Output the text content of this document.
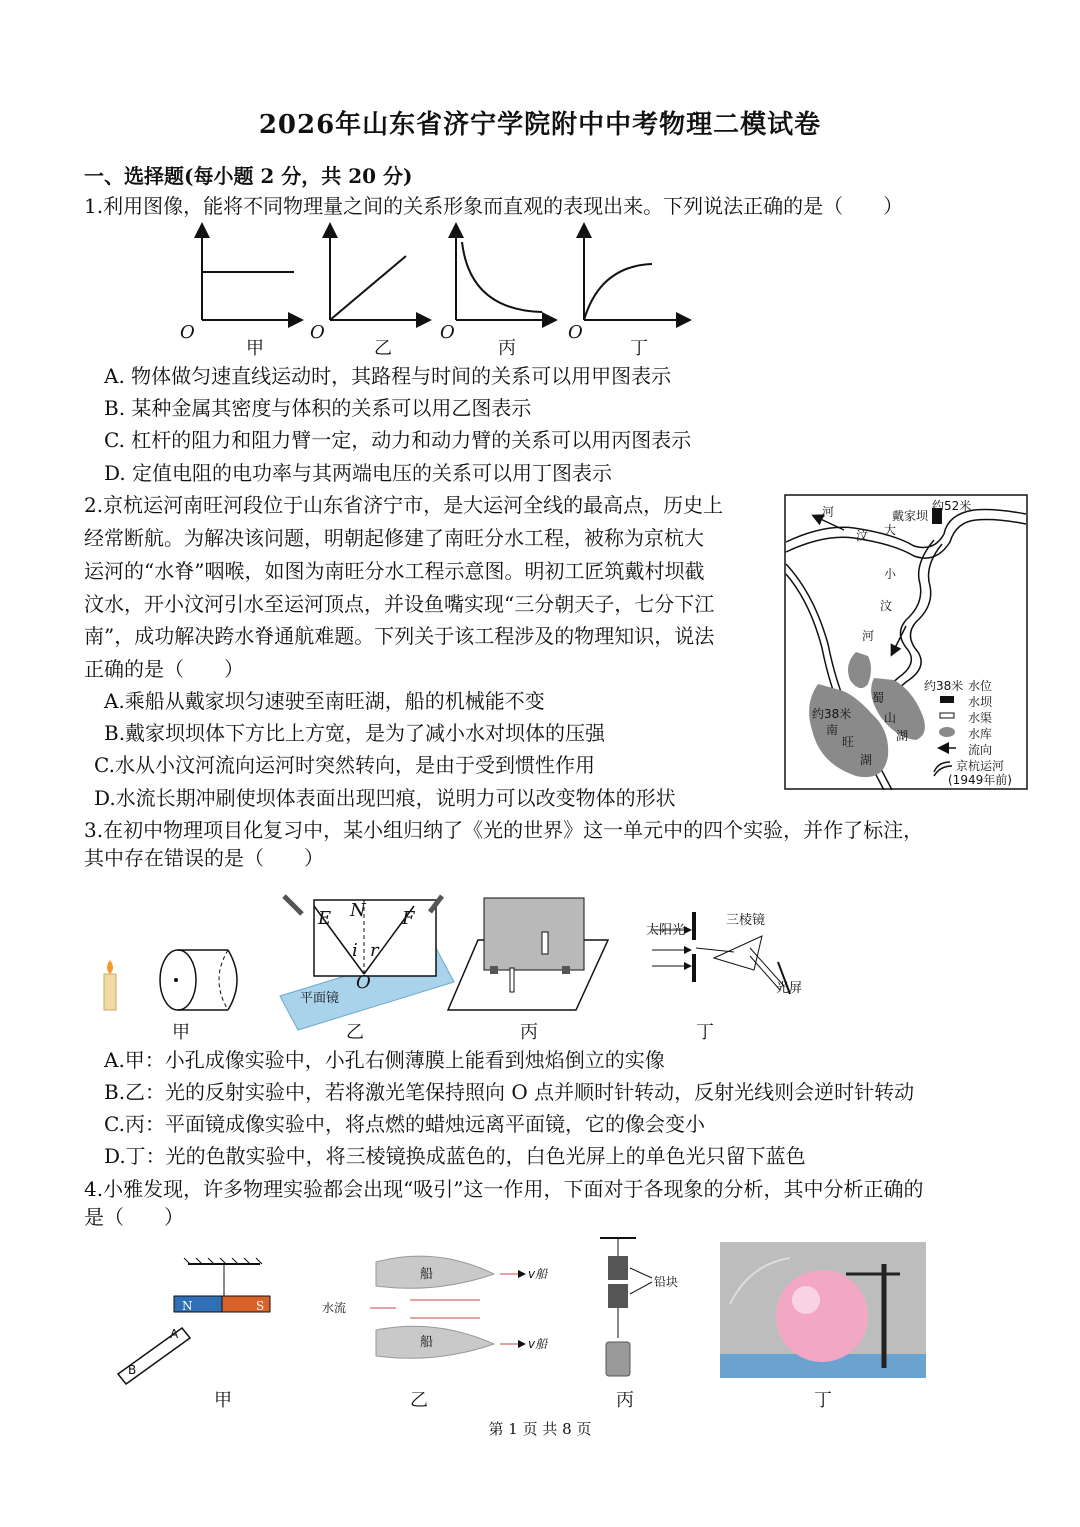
2026年山东省济宁学院附中中考物理二模试卷
一、选择题(每小题 2 分，共 20 分)
1.利用图像，能将不同物理量之间的关系形象而直观的表现出来。下列说法正确的是（　　）
O
甲
O
乙
O
丙
O
丁
A. 物体做匀速直线运动时，其路程与时间的关系可以用甲图表示
B. 某种金属其密度与体积的关系可以用乙图表示
C. 杠杆的阻力和阻力臂一定，动力和动力臂的关系可以用丙图表示
D. 定值电阻的电功率与其两端电压的关系可以用丁图表示
2.京杭运河南旺河段位于山东省济宁市，是大运河全线的最高点，历史上
经常断航。为解决该问题，明朝起修建了南旺分水工程，被称为京杭大
运河的“水脊”咽喉，如图为南旺分水工程示意图。明初工匠筑戴村坝截
汶水，开小汶河引水至运河顶点，并设鱼嘴实现“三分朝天子，七分下江
南”，成功解决跨水脊通航难题。下列关于该工程涉及的物理知识，说法
正确的是（　　）
A.乘船从戴家坝匀速驶至南旺湖，船的机械能不变
B.戴家坝坝体下方比上方宽，是为了减小水对坝体的压强
C.水从小汶河流向运河时突然转向，是由于受到惯性作用
D.水流长期冲刷使坝体表面出现凹痕，说明力可以改变物体的形状
河
汶 大
戴家坝
约52米
小
汶
河
约38米
南
旺
湖
蜀
山
湖
约38米 水位
水坝
水渠
水库
流向
京杭运河
(1949年前)
3.在初中物理项目化复习中，某小组归纳了《光的世界》这一单元中的四个实验，并作了标注，
其中存在错误的是（　　）
甲
E N F
i r
O
平面镜
乙	丙
太阳光
三棱镜
光屏
丁
A.甲：小孔成像实验中，小孔右侧薄膜上能看到烛焰倒立的实像
B.乙：光的反射实验中，若将激光笔保持照向 O 点并顺时针转动，反射光线则会逆时针转动
C.丙：平面镜成像实验中，将点燃的蜡烛远离平面镜，它的像会变小
D.丁：光的色散实验中，将三棱镜换成蓝色的，白色光屏上的单色光只留下蓝色
4.小雅发现，许多物理实验都会出现“吸引”这一作用，下面对于各现象的分析，其中分析正确的
是（　　）
N	S
A
B
甲
船
船
v船
v船
水流
乙
铅块
丙	丁
第 1 页 共 8 页
